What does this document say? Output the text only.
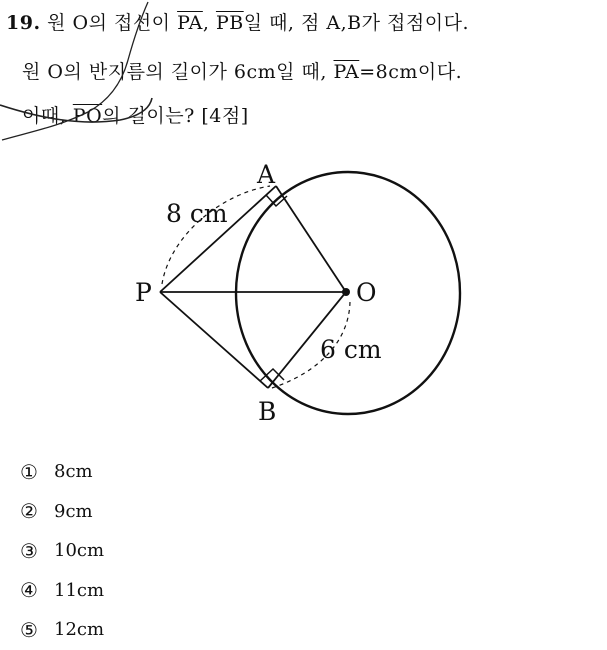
19. 원 O의 접선이 $\overline{PA}$, $\overline{PB}$일 때, 점 A,B가 접점이다.
원 O의 반지름의 길이가 6cm일 때, $\overline{PA}=8cm$이다.
이때, $\overline{PO}$의 길이는? [4점]
A
B
P	O
8 cm
6 cm
① 8cm
② 9cm
③ 10cm
④ 11cm
⑤ 12cm
